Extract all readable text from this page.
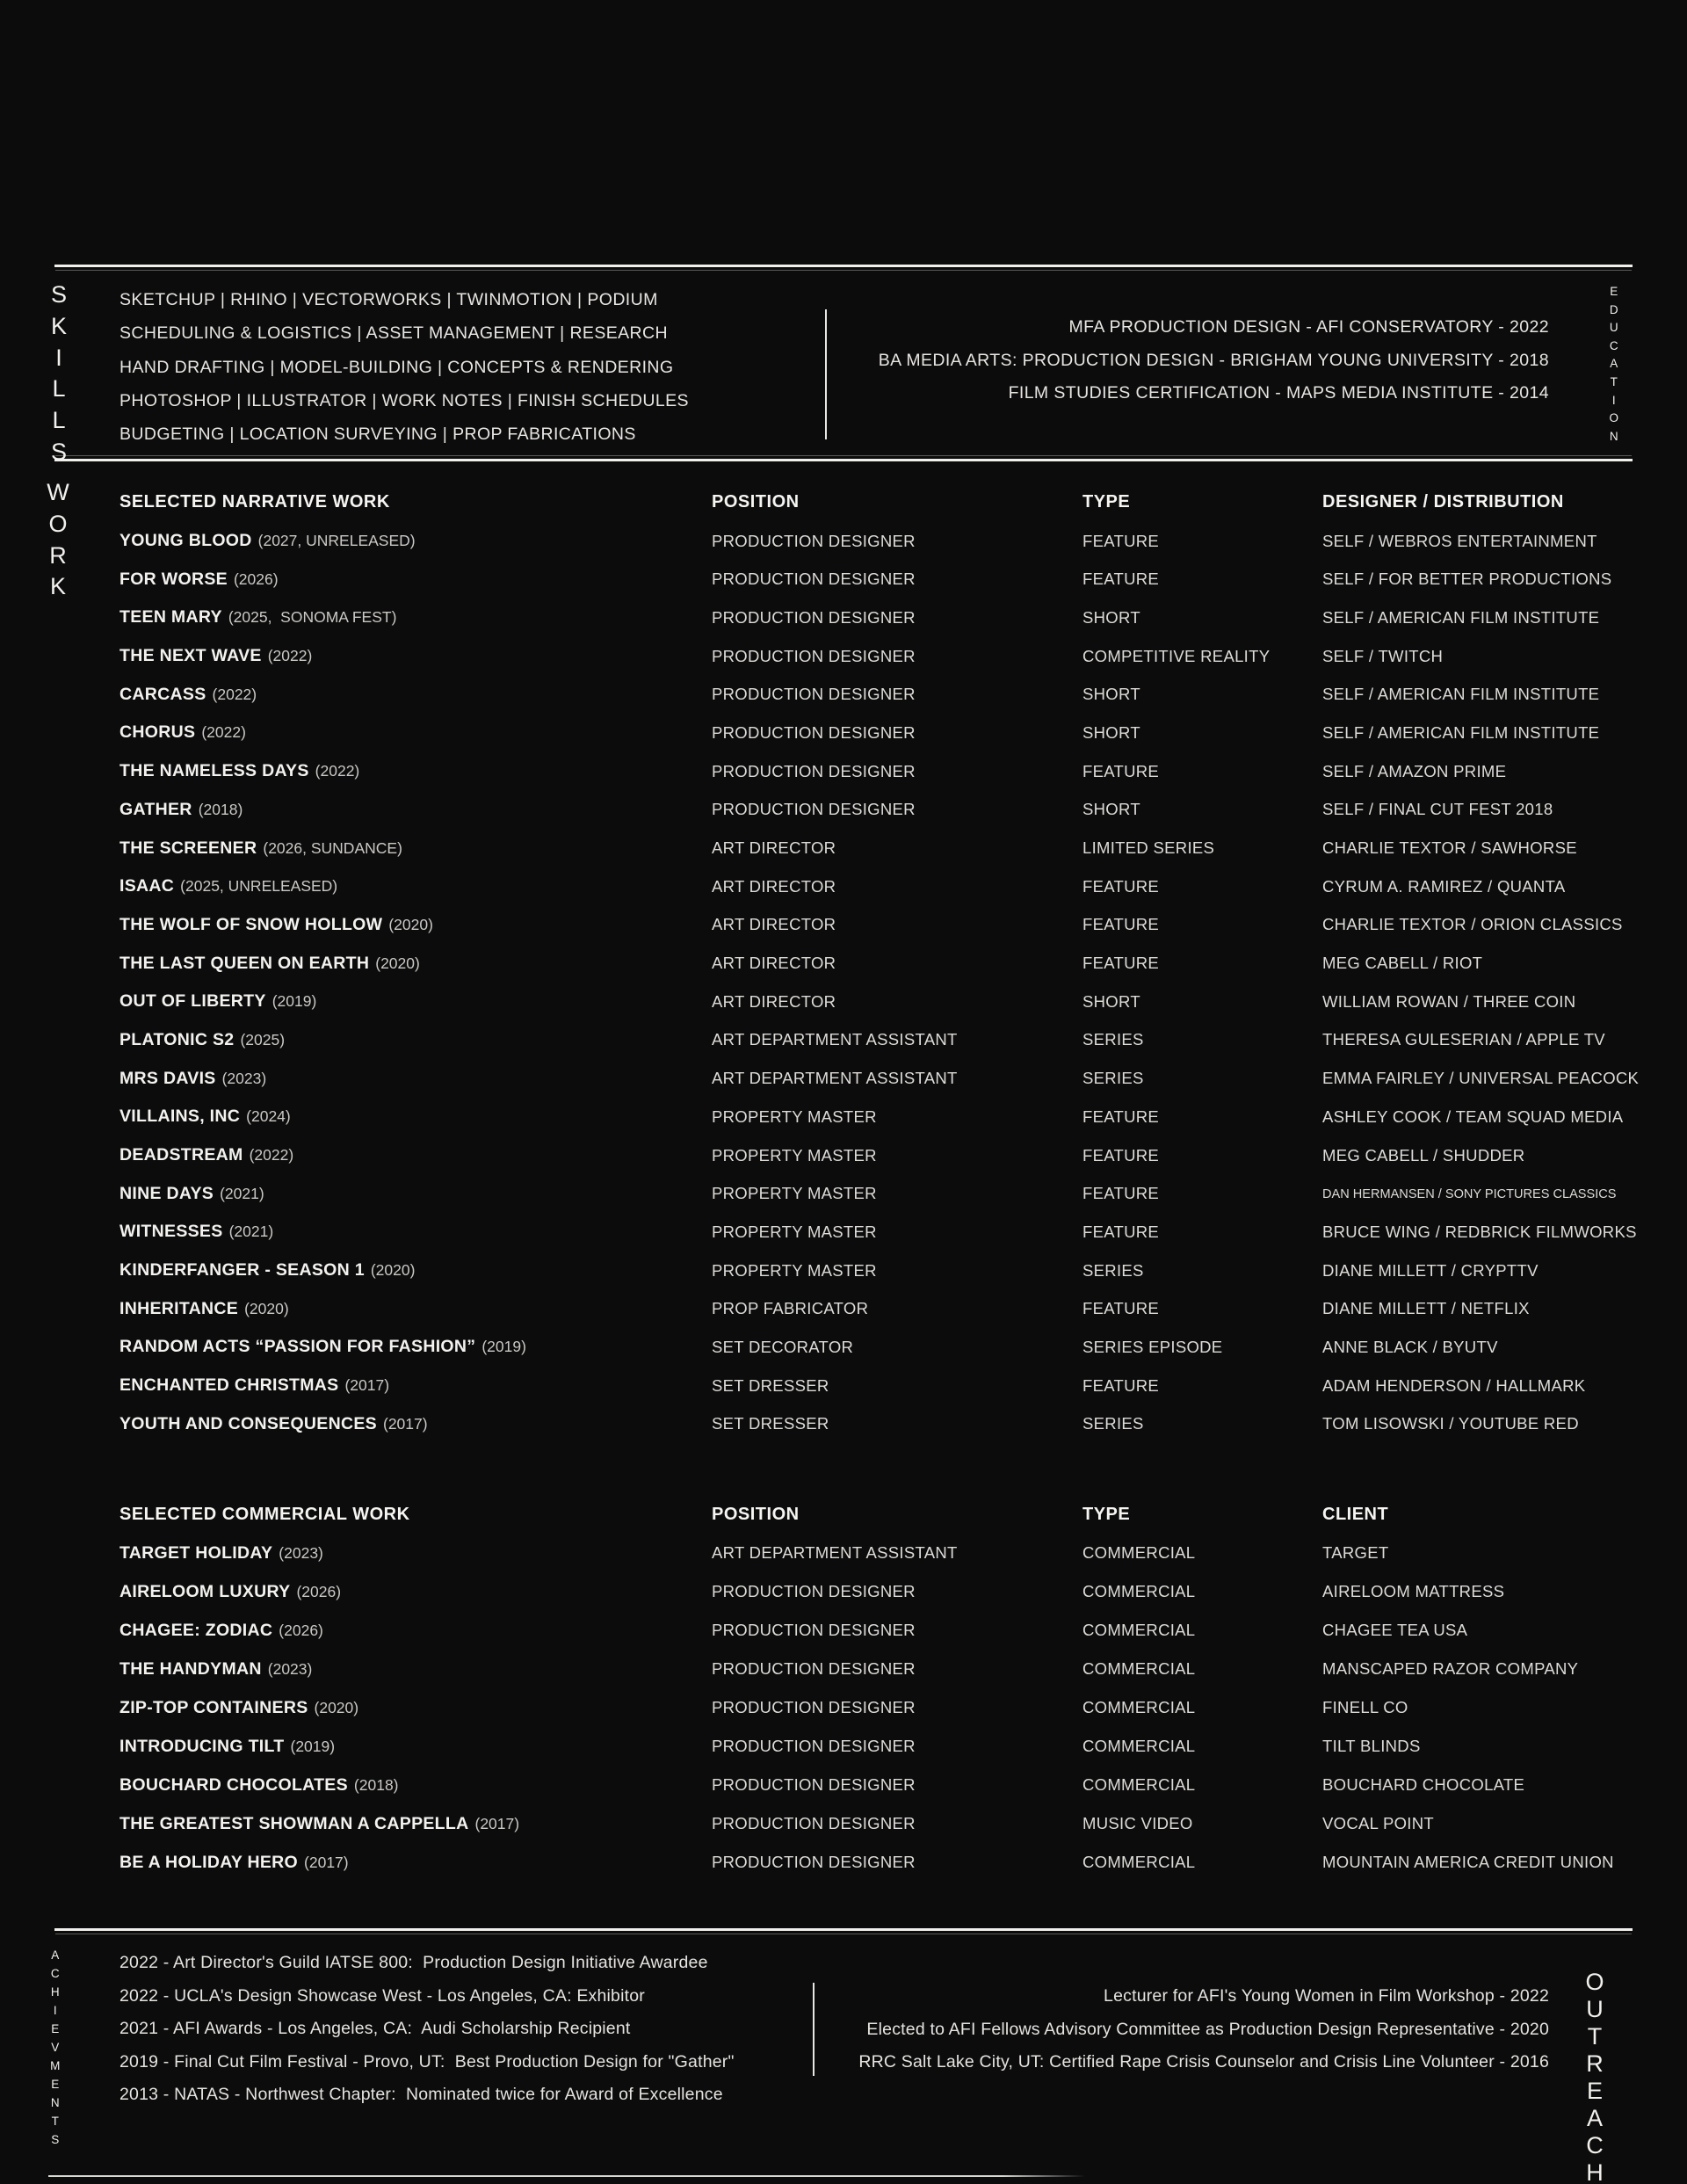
S
K
I
L
L
S
SKETCHUP | RHINO | VECTORWORKS | TWINMOTION | PODIUM
SCHEDULING & LOGISTICS | ASSET MANAGEMENT | RESEARCH
HAND DRAFTING | MODEL-BUILDING | CONCEPTS & RENDERING
PHOTOSHOP | ILLUSTRATOR | WORK NOTES | FINISH SCHEDULES
BUDGETING | LOCATION SURVEYING | PROP FABRICATIONS
E
D
U
C
A
T
I
O
N
MFA PRODUCTION DESIGN - AFI CONSERVATORY - 2022
BA MEDIA ARTS: PRODUCTION DESIGN - BRIGHAM YOUNG UNIVERSITY - 2018
FILM STUDIES CERTIFICATION - MAPS MEDIA INSTITUTE - 2014
W
O
R
K
SELECTED NARRATIVE WORK	POSITION	TYPE	DESIGNER / DISTRIBUTION
YOUNG BLOOD (2027, UNRELEASED)	PRODUCTION DESIGNER	FEATURE	SELF / WEBROS ENTERTAINMENT
FOR WORSE (2026)	PRODUCTION DESIGNER	FEATURE	SELF / FOR BETTER PRODUCTIONS
TEEN MARY (2025,  SONOMA FEST)	PRODUCTION DESIGNER	SHORT	SELF / AMERICAN FILM INSTITUTE
THE NEXT WAVE (2022)	PRODUCTION DESIGNER	COMPETITIVE REALITY	SELF / TWITCH
CARCASS (2022)	PRODUCTION DESIGNER	SHORT	SELF / AMERICAN FILM INSTITUTE
CHORUS (2022)	PRODUCTION DESIGNER	SHORT	SELF / AMERICAN FILM INSTITUTE
THE NAMELESS DAYS (2022)	PRODUCTION DESIGNER	FEATURE	SELF / AMAZON PRIME
GATHER (2018)	PRODUCTION DESIGNER	SHORT	SELF / FINAL CUT FEST 2018
THE SCREENER (2026, SUNDANCE)	ART DIRECTOR	LIMITED SERIES	CHARLIE TEXTOR / SAWHORSE
ISAAC (2025, UNRELEASED)	ART DIRECTOR	FEATURE	CYRUM A. RAMIREZ / QUANTA
THE WOLF OF SNOW HOLLOW (2020)	ART DIRECTOR	FEATURE	CHARLIE TEXTOR / ORION CLASSICS
THE LAST QUEEN ON EARTH (2020)	ART DIRECTOR	FEATURE	MEG CABELL / RIOT
OUT OF LIBERTY (2019)	ART DIRECTOR	SHORT	WILLIAM ROWAN / THREE COIN
PLATONIC S2 (2025)	ART DEPARTMENT ASSISTANT	SERIES	THERESA GULESERIAN / APPLE TV
MRS DAVIS (2023)	ART DEPARTMENT ASSISTANT	SERIES	EMMA FAIRLEY / UNIVERSAL PEACOCK
VILLAINS, INC (2024)	PROPERTY MASTER	FEATURE	ASHLEY COOK / TEAM SQUAD MEDIA
DEADSTREAM (2022)	PROPERTY MASTER	FEATURE	MEG CABELL / SHUDDER
NINE DAYS (2021)	PROPERTY MASTER	FEATURE	DAN HERMANSEN / SONY PICTURES CLASSICS
WITNESSES (2021)	PROPERTY MASTER	FEATURE	BRUCE WING / REDBRICK FILMWORKS
KINDERFANGER - SEASON 1 (2020)	PROPERTY MASTER	SERIES	DIANE MILLETT / CRYPTTV
INHERITANCE (2020)	PROP FABRICATOR	FEATURE	DIANE MILLETT / NETFLIX
RANDOM ACTS “PASSION FOR FASHION” (2019)	SET DECORATOR	SERIES EPISODE	ANNE BLACK / BYUTV
ENCHANTED CHRISTMAS (2017)	SET DRESSER	FEATURE	ADAM HENDERSON / HALLMARK
YOUTH AND CONSEQUENCES (2017)	SET DRESSER	SERIES	TOM LISOWSKI / YOUTUBE RED
SELECTED COMMERCIAL WORK	POSITION	TYPE	CLIENT
TARGET HOLIDAY (2023)	ART DEPARTMENT ASSISTANT	COMMERCIAL	TARGET
AIRELOOM LUXURY (2026)	PRODUCTION DESIGNER	COMMERCIAL	AIRELOOM MATTRESS
CHAGEE: ZODIAC (2026)	PRODUCTION DESIGNER	COMMERCIAL	CHAGEE TEA USA
THE HANDYMAN (2023)	PRODUCTION DESIGNER	COMMERCIAL	MANSCAPED RAZOR COMPANY
ZIP-TOP CONTAINERS (2020)	PRODUCTION DESIGNER	COMMERCIAL	FINELL CO
INTRODUCING TILT (2019)	PRODUCTION DESIGNER	COMMERCIAL	TILT BLINDS
BOUCHARD CHOCOLATES (2018)	PRODUCTION DESIGNER	COMMERCIAL	BOUCHARD CHOCOLATE
THE GREATEST SHOWMAN A CAPPELLA (2017)	PRODUCTION DESIGNER	MUSIC VIDEO	VOCAL POINT
BE A HOLIDAY HERO (2017)	PRODUCTION DESIGNER	COMMERCIAL	MOUNTAIN AMERICA CREDIT UNION
A
C
H
I
E
V
M
E
N
T
S
2022 - Art Director's Guild IATSE 800:  Production Design Initiative Awardee
2022 - UCLA's Design Showcase West - Los Angeles, CA: Exhibitor
2021 - AFI Awards - Los Angeles, CA:  Audi Scholarship Recipient
2019 - Final Cut Film Festival - Provo, UT:  Best Production Design for "Gather"
2013 - NATAS - Northwest Chapter:  Nominated twice for Award of Excellence
O
U
T
R
E
A
C
H
Lecturer for AFI's Young Women in Film Workshop - 2022
Elected to AFI Fellows Advisory Committee as Production Design Representative - 2020
RRC Salt Lake City, UT: Certified Rape Crisis Counselor and Crisis Line Volunteer - 2016
